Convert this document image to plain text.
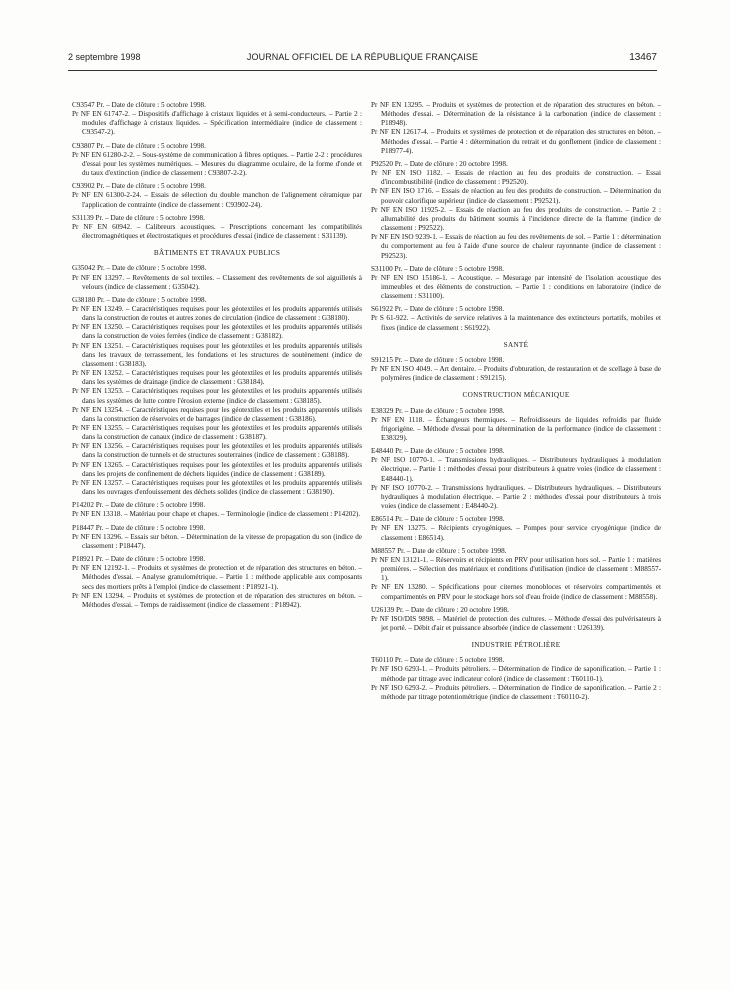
2 septembre 1998	JOURNAL OFFICIEL DE LA RÉPUBLIQUE FRANÇAISE	13467

C93547 Pr. – Date de clôture : 5 octobre 1998.

Pr NF EN 61747-2. – Dispositifs d'affichage à cristaux liquides et à semi-conducteurs. – Partie 2 : modules d'affichage à cristaux liquides. – Spécification intermédiaire (indice de classement : C93547-2).

C93807 Pr. – Date de clôture : 5 octobre 1998.

Pr NF EN 61280-2-2. – Sous-système de communication à fibres optiques. – Partie 2-2 : procédures d'essai pour les systèmes numériques. – Mesures du diagramme oculaire, de la forme d'onde et du taux d'extinction (indice de classement : C93807-2-2).

C93902 Pr. – Date de clôture : 5 octobre 1998.

Pr NF EN 61300-2-24. – Essais de sélection du double manchon de l'alignement céramique par l'application de contrainte (indice de classement : C93902-24).

S31139 Pr. – Date de clôture : 5 octobre 1998.

Pr NF EN 60942. – Calibreurs acoustiques. – Prescriptions concernant les compatibilités électromagnétiques et électrostatiques et procédures d'essai (indice de classement : S31139).

BÂTIMENTS ET TRAVAUX PUBLICS

G35042 Pr. – Date de clôture : 5 octobre 1998.

Pr NF EN 13297. – Revêtements de sol textiles. – Classement des revêtements de sol aiguilletés à velours (indice de classement : G35042).

G38180 Pr. – Date de clôture : 5 octobre 1998.

Pr NF EN 13249. – Caractéristiques requises pour les géotextiles et les produits apparentés utilisés dans la construction de routes et autres zones de circulation (indice de classement : G38180).

Pr NF EN 13250. – Caractéristiques requises pour les géotextiles et les produits apparentés utilisés dans la construction de voies ferrées (indice de classement : G38182).

Pr NF EN 13251. – Caractéristiques requises pour les géotextiles et les produits apparentés utilisés dans les travaux de terrassement, les fondations et les structures de soutènement (indice de classement : G38183).

Pr NF EN 13252. – Caractéristiques requises pour les géotextiles et les produits apparentés utilisés dans les systèmes de drainage (indice de classement : G38184).

Pr NF EN 13253. – Caractéristiques requises pour les géotextiles et les produits apparentés utilisés dans les systèmes de lutte contre l'érosion externe (indice de classement : G38185).

Pr NF EN 13254. – Caractéristiques requises pour les géotextiles et les produits apparentés utilisés dans la construction de réservoirs et de barrages (indice de classement : G38186).

Pr NF EN 13255. – Caractéristiques requises pour les géotextiles et les produits apparentés utilisés dans la construction de canaux (indice de classement : G38187).

Pr NF EN 13256. – Caractéristiques requises pour les géotextiles et les produits apparentés utilisés dans la construction de tunnels et de structures souterraines (indice de classement : G38188).

Pr NF EN 13265. – Caractéristiques requises pour les géotextiles et les produits apparentés utilisés dans les projets de confinement de déchets liquides (indice de classement : G38189).

Pr NF EN 13257. – Caractéristiques requises pour les géotextiles et les produits apparentés utilisés dans les ouvrages d'enfouissement des déchets solides (indice de classement : G38190).

P14202 Pr. – Date de clôture : 5 octobre 1998.

Pr NF EN 13318. – Matériau pour chape et chapes. – Terminologie (indice de classement : P14202).

P18447 Pr. – Date de clôture : 5 octobre 1998.

Pr NF EN 13296. – Essais sur béton. – Détermination de la vitesse de propagation du son (indice de classement : P18447).

P18921 Pr. – Date de clôture : 5 octobre 1998.

Pr NF EN 12192-1. – Produits et systèmes de protection et de réparation des structures en béton. – Méthodes d'essai. – Analyse granulométrique. – Partie 1 : méthode applicable aux composants secs des mortiers prêts à l'emploi (indice de classement : P18921-1).

Pr NF EN 13294. – Produits et systèmes de protection et de réparation des structures en béton. – Méthodes d'essai. – Temps de raidissement (indice de classement : P18942).

Pr NF EN 13295. – Produits et systèmes de protection et de réparation des structures en béton. – Méthodes d'essai. – Détermination de la résistance à la carbonation (indice de classement : P18948).

Pr NF EN 12617-4. – Produits et systèmes de protection et de réparation des structures en béton. – Méthodes d'essai. – Partie 4 : détermination du retrait et du gonflement (indice de classement : P18977-4).

P92520 Pr. – Date de clôture : 20 octobre 1998.

Pr NF EN ISO 1182. – Essais de réaction au feu des produits de construction. – Essai d'incombustibilité (indice de classement : P92520).

Pr NF EN ISO 1716. – Essais de réaction au feu des produits de construction. – Détermination du pouvoir calorifique supérieur (indice de classement : P92521).

Pr NF EN ISO 11925-2. – Essais de réaction au feu des produits de construction. – Partie 2 : allumabilité des produits du bâtiment soumis à l'incidence directe de la flamme (indice de classement : P92522).

Pr NF EN ISO 9239-1. – Essais de réaction au feu des revêtements de sol. – Partie 1 : détermination du comportement au feu à l'aide d'une source de chaleur rayonnante (indice de classement : P92523).

S31100 Pr. – Date de clôture : 5 octobre 1998.

Pr NF EN ISO 15186-1. – Acoustique. – Mesurage par intensité de l'isolation acoustique des immeubles et des éléments de construction. – Partie 1 : conditions en laboratoire (indice de classement : S31100).

S61922 Pr. – Date de clôture : 5 octobre 1998.

Pr S 61-922. – Activités de service relatives à la maintenance des extincteurs portatifs, mobiles et fixes (indice de classement : S61922).

SANTÉ

S91215 Pr. – Date de clôture : 5 octobre 1998.

Pr NF EN ISO 4049. – Art dentaire. – Produits d'obturation, de restauration et de scellage à base de polymères (indice de classement : S91215).

CONSTRUCTION MÉCANIQUE

E38329 Pr. – Date de clôture : 5 octobre 1998.

Pr NF EN 1118. – Échangeurs thermiques. – Refroidisseurs de liquides refroidis par fluide frigorigène. – Méthode d'essai pour la détermination de la performance (indice de classement : E38329).

E48440 Pr. – Date de clôture : 5 octobre 1998.

Pr NF ISO 10770-1. – Transmissions hydrauliques. – Distributeurs hydrauliques à modulation électrique. – Partie 1 : méthodes d'essai pour distributeurs à quatre voies (indice de classement : E48440-1).

Pr NF ISO 10770-2. – Transmissions hydrauliques. – Distributeurs hydrauliques. – Distributeurs hydrauliques à modulation électrique. – Partie 2 : méthodes d'essai pour distributeurs à trois voies (indice de classement : E48440-2).

E86514 Pr. – Date de clôture : 5 octobre 1998.

Pr NF EN 13275. – Récipients cryogéniques. – Pompes pour service cryogénique (indice de classement : E86514).

M88557 Pr. – Date de clôture : 5 octobre 1998.

Pr NF EN 13121-1. – Réservoirs et récipients en PRV pour utilisation hors sol. – Partie 1 : matières premières. – Sélection des matériaux et conditions d'utilisation (indice de classement : M88557-1).

Pr NF EN 13280. – Spécifications pour citernes monobloces et réservoirs compartimentés et compartimentés en PRV pour le stockage hors sol d'eau froide (indice de classement : M88558).

U26139 Pr. – Date de clôture : 20 octobre 1998.

Pr NF ISO/DIS 9898. – Matériel de protection des cultures. – Méthode d'essai des pulvérisateurs à jet porté. – Débit d'air et puissance absorbée (indice de classement : U26139).

INDUSTRIE PÉTROLIÈRE

T60110 Pr. – Date de clôture : 5 octobre 1998.

Pr NF ISO 6293-1. – Produits pétroliers. – Détermination de l'indice de saponification. – Partie 1 : méthode par titrage avec indicateur coloré (indice de classement : T60110-1).

Pr NF ISO 6293-2. – Produits pétroliers. – Détermination de l'indice de saponification. – Partie 2 : méthode par titrage potentiométrique (indice de classement : T60110-2).
